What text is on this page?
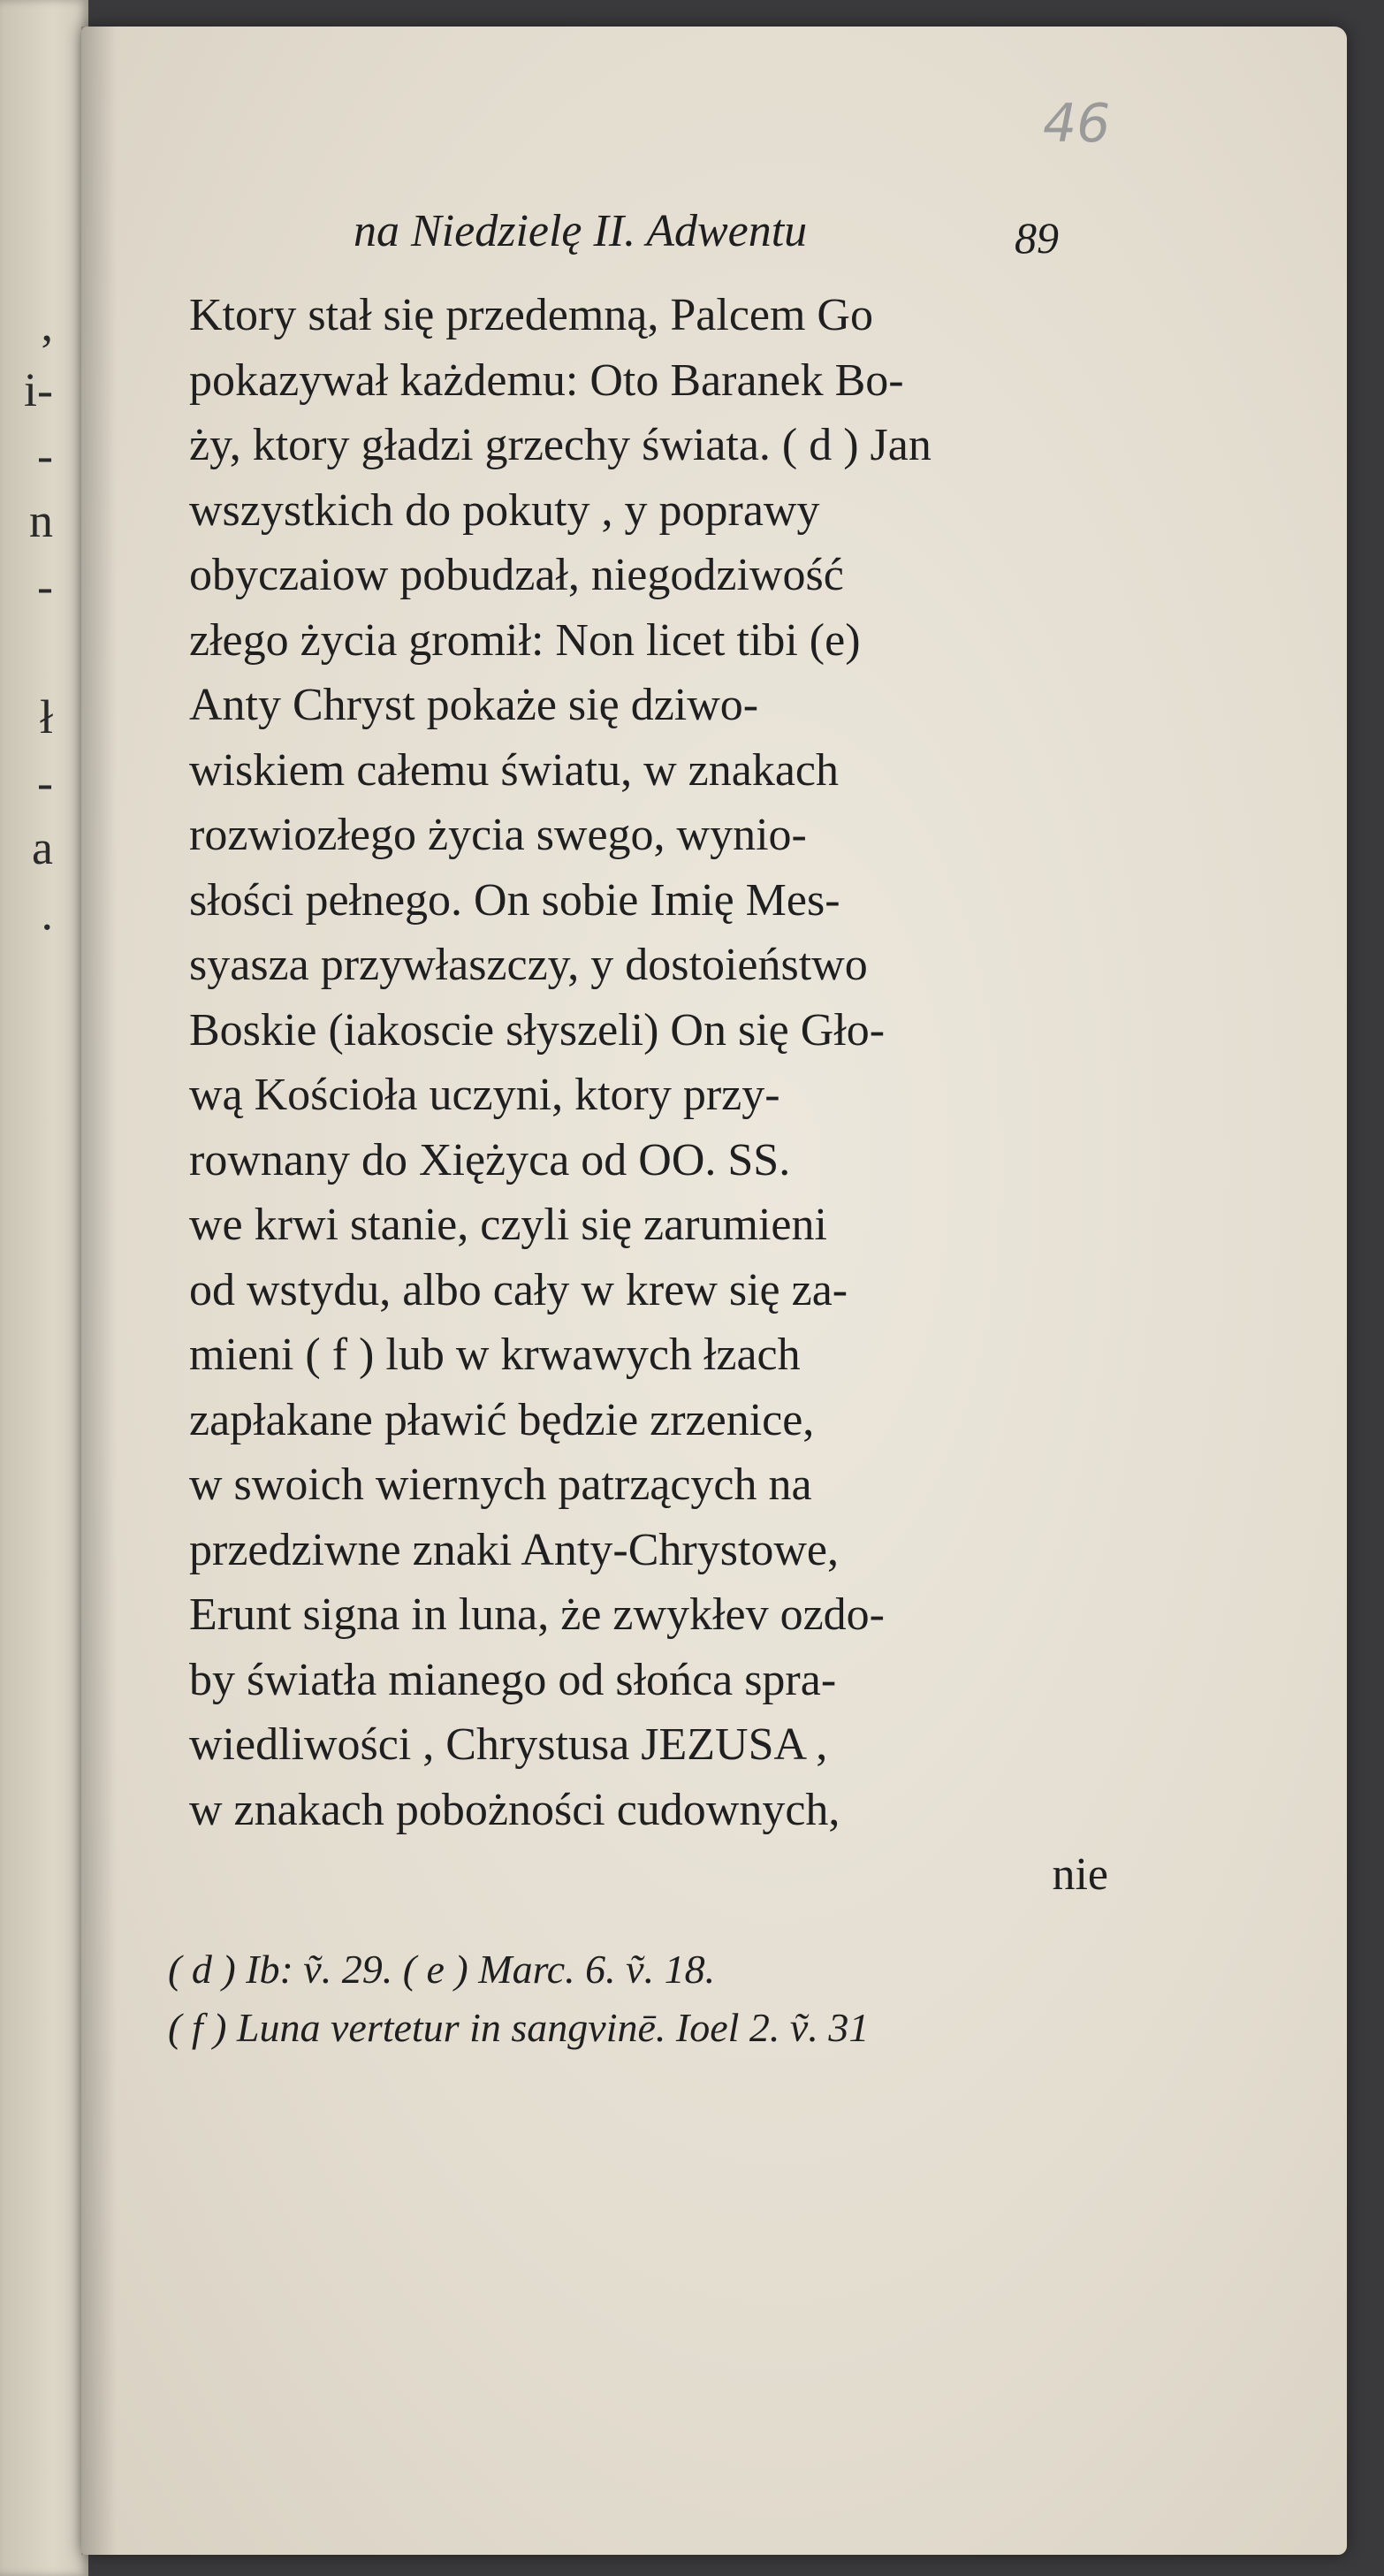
,
i-
-
n
-
ł
-
a
.
46
na Niedzielę II. Adwentu	89
Ktory stał się przedemną, Palcem Go
pokazywał każdemu: Oto Baranek Bo-
ży, ktory gładzi grzechy świata. ( d ) Jan
wszystkich do pokuty , y poprawy
obyczaiow pobudzał, niegodziwość
złego życia gromił: Non licet tibi (e)
Anty Chryst pokaże się dziwo-
wiskiem całemu światu, w znakach
rozwiozłego życia swego, wynio-
słości pełnego. On sobie Imię Mes-
syasza przywłaszczy, y dostoieństwo
Boskie (iakoscie słyszeli) On się Gło-
wą Kościoła uczyni, ktory przy-
rownany do Xiężyca od OO. SS.
we krwi stanie, czyli się zarumieni
od wstydu, albo cały w krew się za-
mieni ( f ) lub w krwawych łzach
zapłakane pławić będzie zrzenice,
w swoich wiernych patrzących na
przedziwne znaki Anty-Chrystowe,
Erunt signa in luna, że zwykłev ozdo-
by światła mianego od słońca spra-
wiedliwości , Chrystusa JEZUSA ,
w znakach pobożności cudownych,
nie
( d ) Ib: ṽ. 29. ( e ) Marc. 6. ṽ. 18.
( f ) Luna vertetur in sangvinē. Ioel 2. ṽ. 31
